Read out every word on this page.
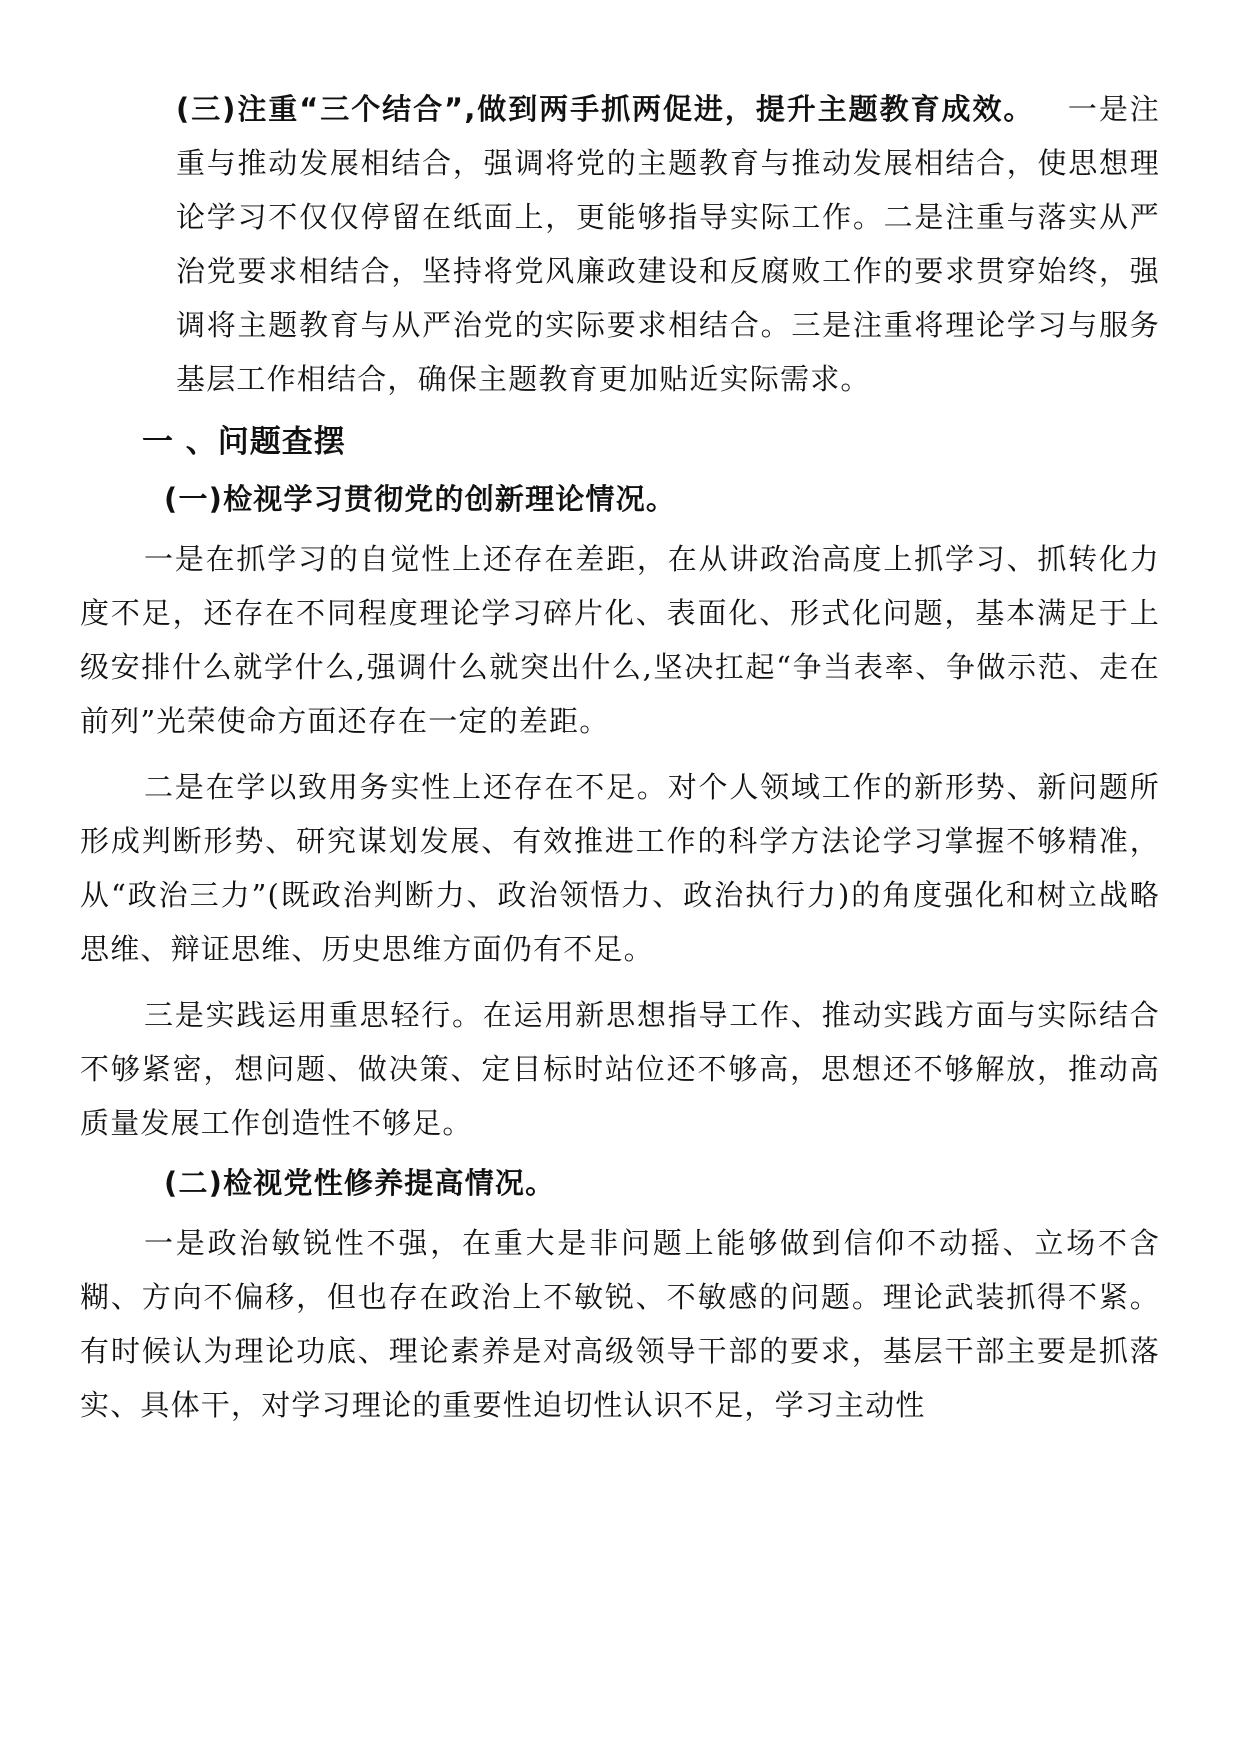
(三)注重“三个结合”,做到两手抓两促进，提升主题教育成效。 一是注重与推动发展相结合，强调将党的主题教育与推动发展相结合，使思想理论学习不仅仅停留在纸面上，更能够指导实际工作。二是注重与落实从严治党要求相结合，坚持将党风廉政建设和反腐败工作的要求贯穿始终，强调将主题教育与从严治党的实际要求相结合。三是注重将理论学习与服务基层工作相结合，确保主题教育更加贴近实际需求。

一 、问题查摆
(一)检视学习贯彻党的创新理论情况。

一是在抓学习的自觉性上还存在差距，在从讲政治高度上抓学习、抓转化力度不足，还存在不同程度理论学习碎片化、表面化、形式化问题，基本满足于上级安排什么就学什么,强调什么就突出什么,坚决扛起“争当表率、争做示范、走在前列”光荣使命方面还存在一定的差距。

二是在学以致用务实性上还存在不足。对个人领域工作的新形势、新问题所形成判断形势、研究谋划发展、有效推进工作的科学方法论学习掌握不够精准，从“政治三力”(既政治判断力、政治领悟力、政治执行力)的角度强化和树立战略思维、辩证思维、历史思维方面仍有不足。

三是实践运用重思轻行。在运用新思想指导工作、推动实践方面与实际结合不够紧密，想问题、做决策、定目标时站位还不够高，思想还不够解放，推动高质量发展工作创造性不够足。

(二)检视党性修养提高情况。

一是政治敏锐性不强，在重大是非问题上能够做到信仰不动摇、立场不含糊、方向不偏移，但也存在政治上不敏锐、不敏感的问题。理论武装抓得不紧。有时候认为理论功底、理论素养是对高级领导干部的要求，基层干部主要是抓落实、具体干，对学习理论的重要性迫切性认识不足，学习主动性
